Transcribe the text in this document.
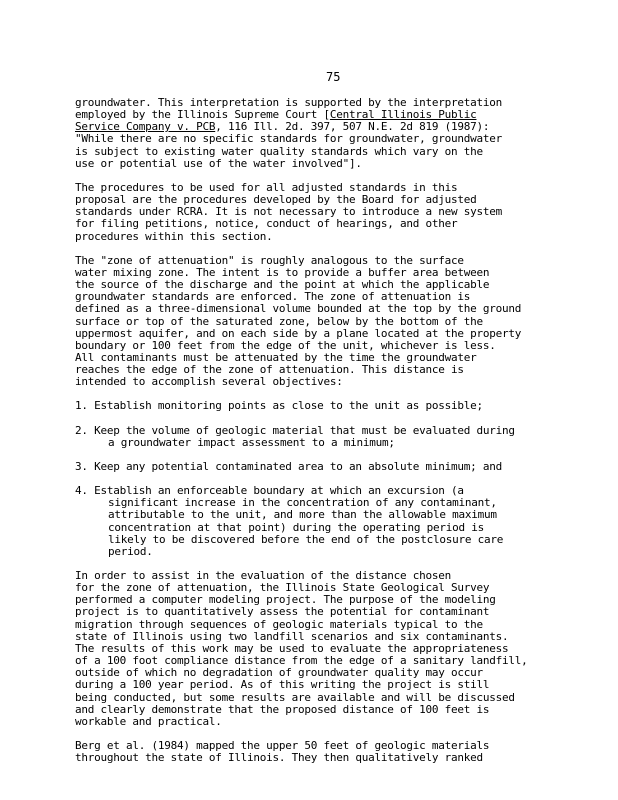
75

groundwater. This interpretation is supported by the interpretation
employed by the Illinois Supreme Court [Central Illinois Public
Service Company v. PCB, 116 Ill. 2d. 397, 507 N.E. 2d 819 (1987):
"While there are no specific standards for groundwater, groundwater
is subject to existing water quality standards which vary on the
use or potential use of the water involved"].

The procedures to be used for all adjusted standards in this
proposal are the procedures developed by the Board for adjusted
standards under RCRA. It is not necessary to introduce a new system
for filing petitions, notice, conduct of hearings, and other
procedures within this section.

The "zone of attenuation" is roughly analogous to the surface
water mixing zone. The intent is to provide a buffer area between
the source of the discharge and the point at which the applicable
groundwater standards are enforced. The zone of attenuation is
defined as a three-dimensional volume bounded at the top by the ground
surface or top of the saturated zone, below by the bottom of the
uppermost aquifer, and on each side by a plane located at the property
boundary or 100 feet from the edge of the unit, whichever is less.
All contaminants must be attenuated by the time the groundwater
reaches the edge of the zone of attenuation. This distance is
intended to accomplish several objectives:

1. Establish monitoring points as close to the unit as possible;
2. Keep the volume of geologic material that must be evaluated during
a groundwater impact assessment to a minimum;
3. Keep any potential contaminated area to an absolute minimum; and
4. Establish an enforceable boundary at which an excursion (a
significant increase in the concentration of any contaminant,
attributable to the unit, and more than the allowable maximum
concentration at that point) during the operating period is
likely to be discovered before the end of the postclosure care
period.

In order to assist in the evaluation of the distance chosen
for the zone of attenuation, the Illinois State Geological Survey
performed a computer modeling project. The purpose of the modeling
project is to quantitatively assess the potential for contaminant
migration through sequences of geologic materials typical to the
state of Illinois using two landfill scenarios and six contaminants.
The results of this work may be used to evaluate the appropriateness
of a 100 foot compliance distance from the edge of a sanitary landfill,
outside of which no degradation of groundwater quality may occur
during a 100 year period. As of this writing the project is still
being conducted, but some results are available and will be discussed
and clearly demonstrate that the proposed distance of 100 feet is
workable and practical.

Berg et al. (1984) mapped the upper 50 feet of geologic materials
throughout the state of Illinois. They then qualitatively ranked
